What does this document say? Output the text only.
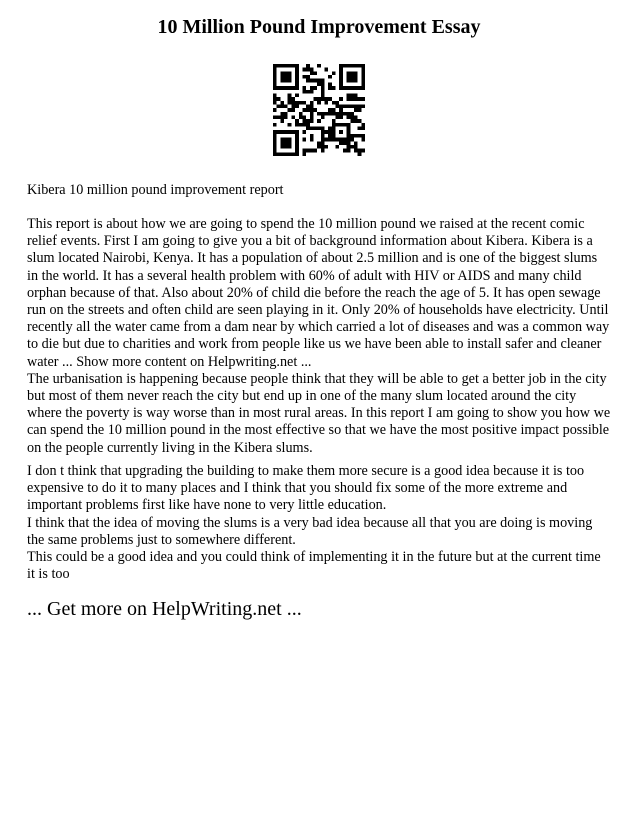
10 Million Pound Improvement Essay

Kibera 10 million pound improvement report

This report is about how we are going to spend the 10 million pound we raised at the recent comic
relief events. First I am going to give you a bit of background information about Kibera. Kibera is a
slum located Nairobi, Kenya. It has a population of about 2.5 million and is one of the biggest slums
in the world. It has a several health problem with 60% of adult with HIV or AIDS and many child
orphan because of that. Also about 20% of child die before the reach the age of 5. It has open sewage
run on the streets and often child are seen playing in it. Only 20% of households have electricity. Until
recently all the water came from a dam near by which carried a lot of diseases and was a common way
to die but due to charities and work from people like us we have been able to install safer and cleaner
water ... Show more content on Helpwriting.net ...
The urbanisation is happening because people think that they will be able to get a better job in the city
but most of them never reach the city but end up in one of the many slum located around the city
where the poverty is way worse than in most rural areas. In this report I am going to show you how we
can spend the 10 million pound in the most effective so that we have the most positive impact possible
on the people currently living in the Kibera slums.

I don t think that upgrading the building to make them more secure is a good idea because it is too
expensive to do it to many places and I think that you should fix some of the more extreme and
important problems first like have none to very little education.
I think that the idea of moving the slums is a very bad idea because all that you are doing is moving
the same problems just to somewhere different.
This could be a good idea and you could think of implementing it in the future but at the current time
it is too

... Get more on HelpWriting.net ...
